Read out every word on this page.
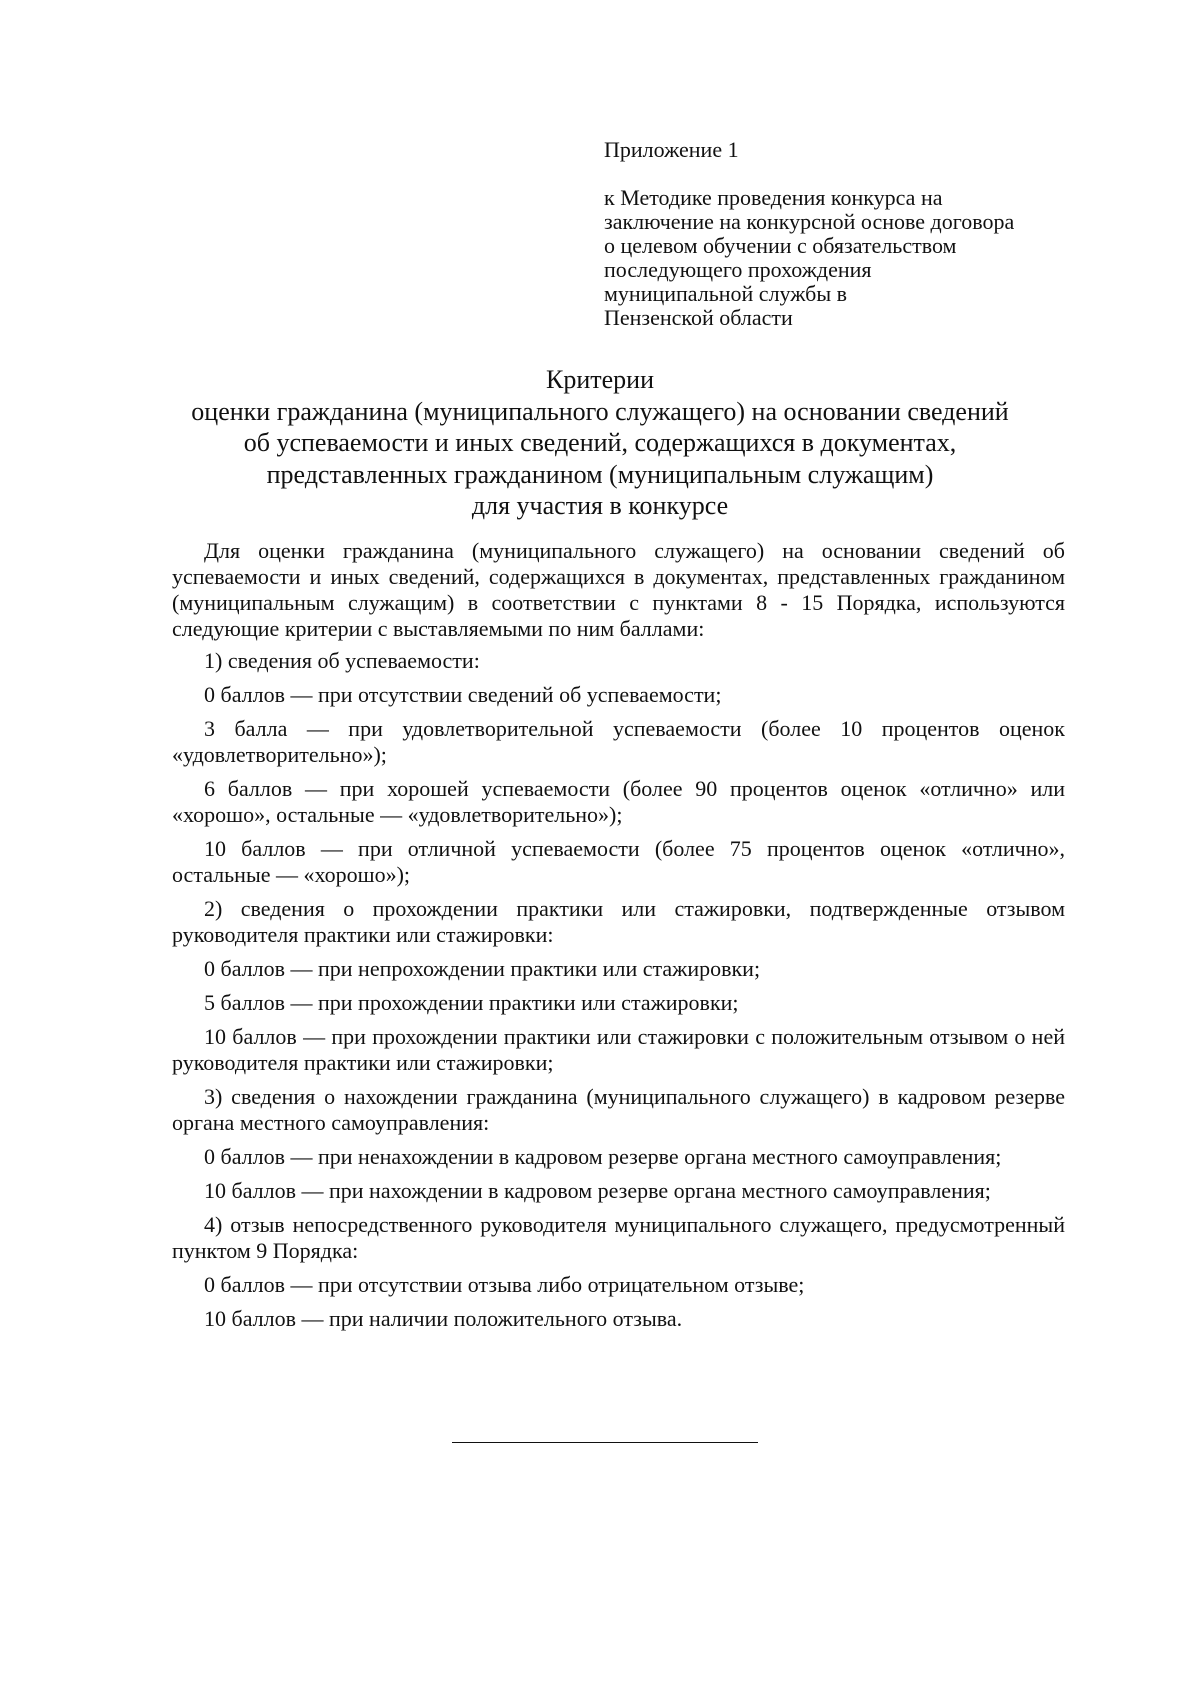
Приложение 1

к Методике проведения конкурса на
заключение на конкурсной основе договора
о целевом обучении с обязательством
последующего прохождения
муниципальной службы в
Пензенской области
Критерии
оценки гражданина (муниципального служащего) на основании сведений
об успеваемости и иных сведений, содержащихся в документах,
представленных гражданином (муниципальным служащим)
для участия в конкурсе

Для оценки гражданина (муниципального служащего) на основании сведений об успеваемости и иных сведений, содержащихся в документах, представленных гражданином (муниципальным служащим) в соответствии с пунктами 8 - 15 Порядка, используются следующие критерии с выставляемыми по ним баллами:

1) сведения об успеваемости:
0 баллов — при отсутствии сведений об успеваемости;
3 балла — при удовлетворительной успеваемости (более 10 процентов оценок «удовлетворительно»);
6 баллов — при хорошей успеваемости (более 90 процентов оценок «отлично» или «хорошо», остальные — «удовлетворительно»);
10 баллов — при отличной успеваемости (более 75 процентов оценок «отлично», остальные — «хорошо»);
2) сведения о прохождении практики или стажировки, подтвержденные отзывом руководителя практики или стажировки:
0 баллов — при непрохождении практики или стажировки;
5 баллов — при прохождении практики или стажировки;
10 баллов — при прохождении практики или стажировки с положительным отзывом о ней руководителя практики или стажировки;
3) сведения о нахождении гражданина (муниципального служащего) в кадровом резерве органа местного самоуправления:
0 баллов — при ненахождении в кадровом резерве органа местного самоуправления;
10 баллов — при нахождении в кадровом резерве органа местного самоуправления;
4) отзыв непосредственного руководителя муниципального служащего, предусмотренный пунктом 9 Порядка:
0 баллов — при отсутствии отзыва либо отрицательном отзыве;
10 баллов — при наличии положительного отзыва.
